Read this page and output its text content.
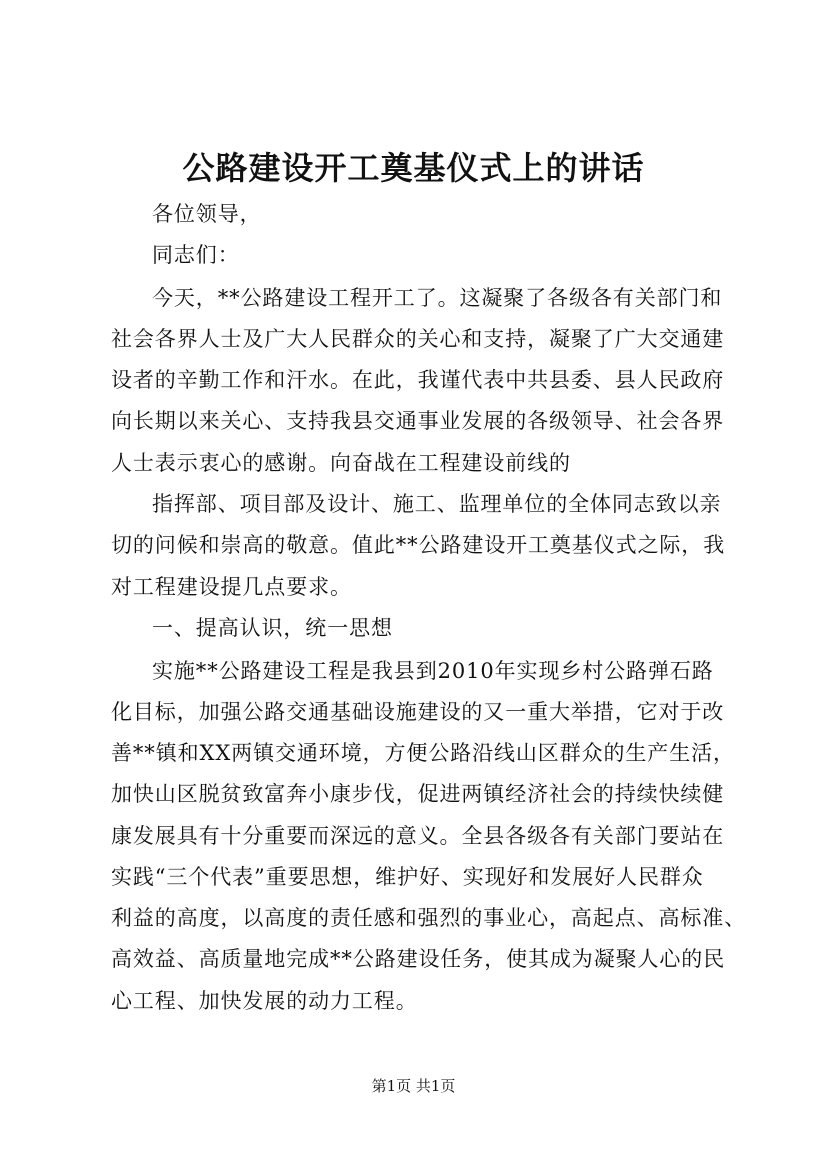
公路建设开工奠基仪式上的讲话
各位领导，
同志们：
今天，**公路建设工程开工了。这凝聚了各级各有关部门和
社会各界人士及广大人民群众的关心和支持，凝聚了广大交通建
设者的辛勤工作和汗水。在此，我谨代表中共县委、县人民政府
向长期以来关心、支持我县交通事业发展的各级领导、社会各界
人士表示衷心的感谢。向奋战在工程建设前线的
指挥部、项目部及设计、施工、监理单位的全体同志致以亲
切的问候和崇高的敬意。值此**公路建设开工奠基仪式之际，我
对工程建设提几点要求。
一、提高认识，统一思想
实施**公路建设工程是我县到2010年实现乡村公路弹石路
化目标，加强公路交通基础设施建设的又一重大举措，它对于改
善**镇和XX两镇交通环境，方便公路沿线山区群众的生产生活，
加快山区脱贫致富奔小康步伐，促进两镇经济社会的持续快续健
康发展具有十分重要而深远的意义。全县各级各有关部门要站在
实践“三个代表”重要思想，维护好、实现好和发展好人民群众
利益的高度，以高度的责任感和强烈的事业心，高起点、高标准、
高效益、高质量地完成**公路建设任务，使其成为凝聚人心的民
心工程、加快发展的动力工程。
第1页 共1页
